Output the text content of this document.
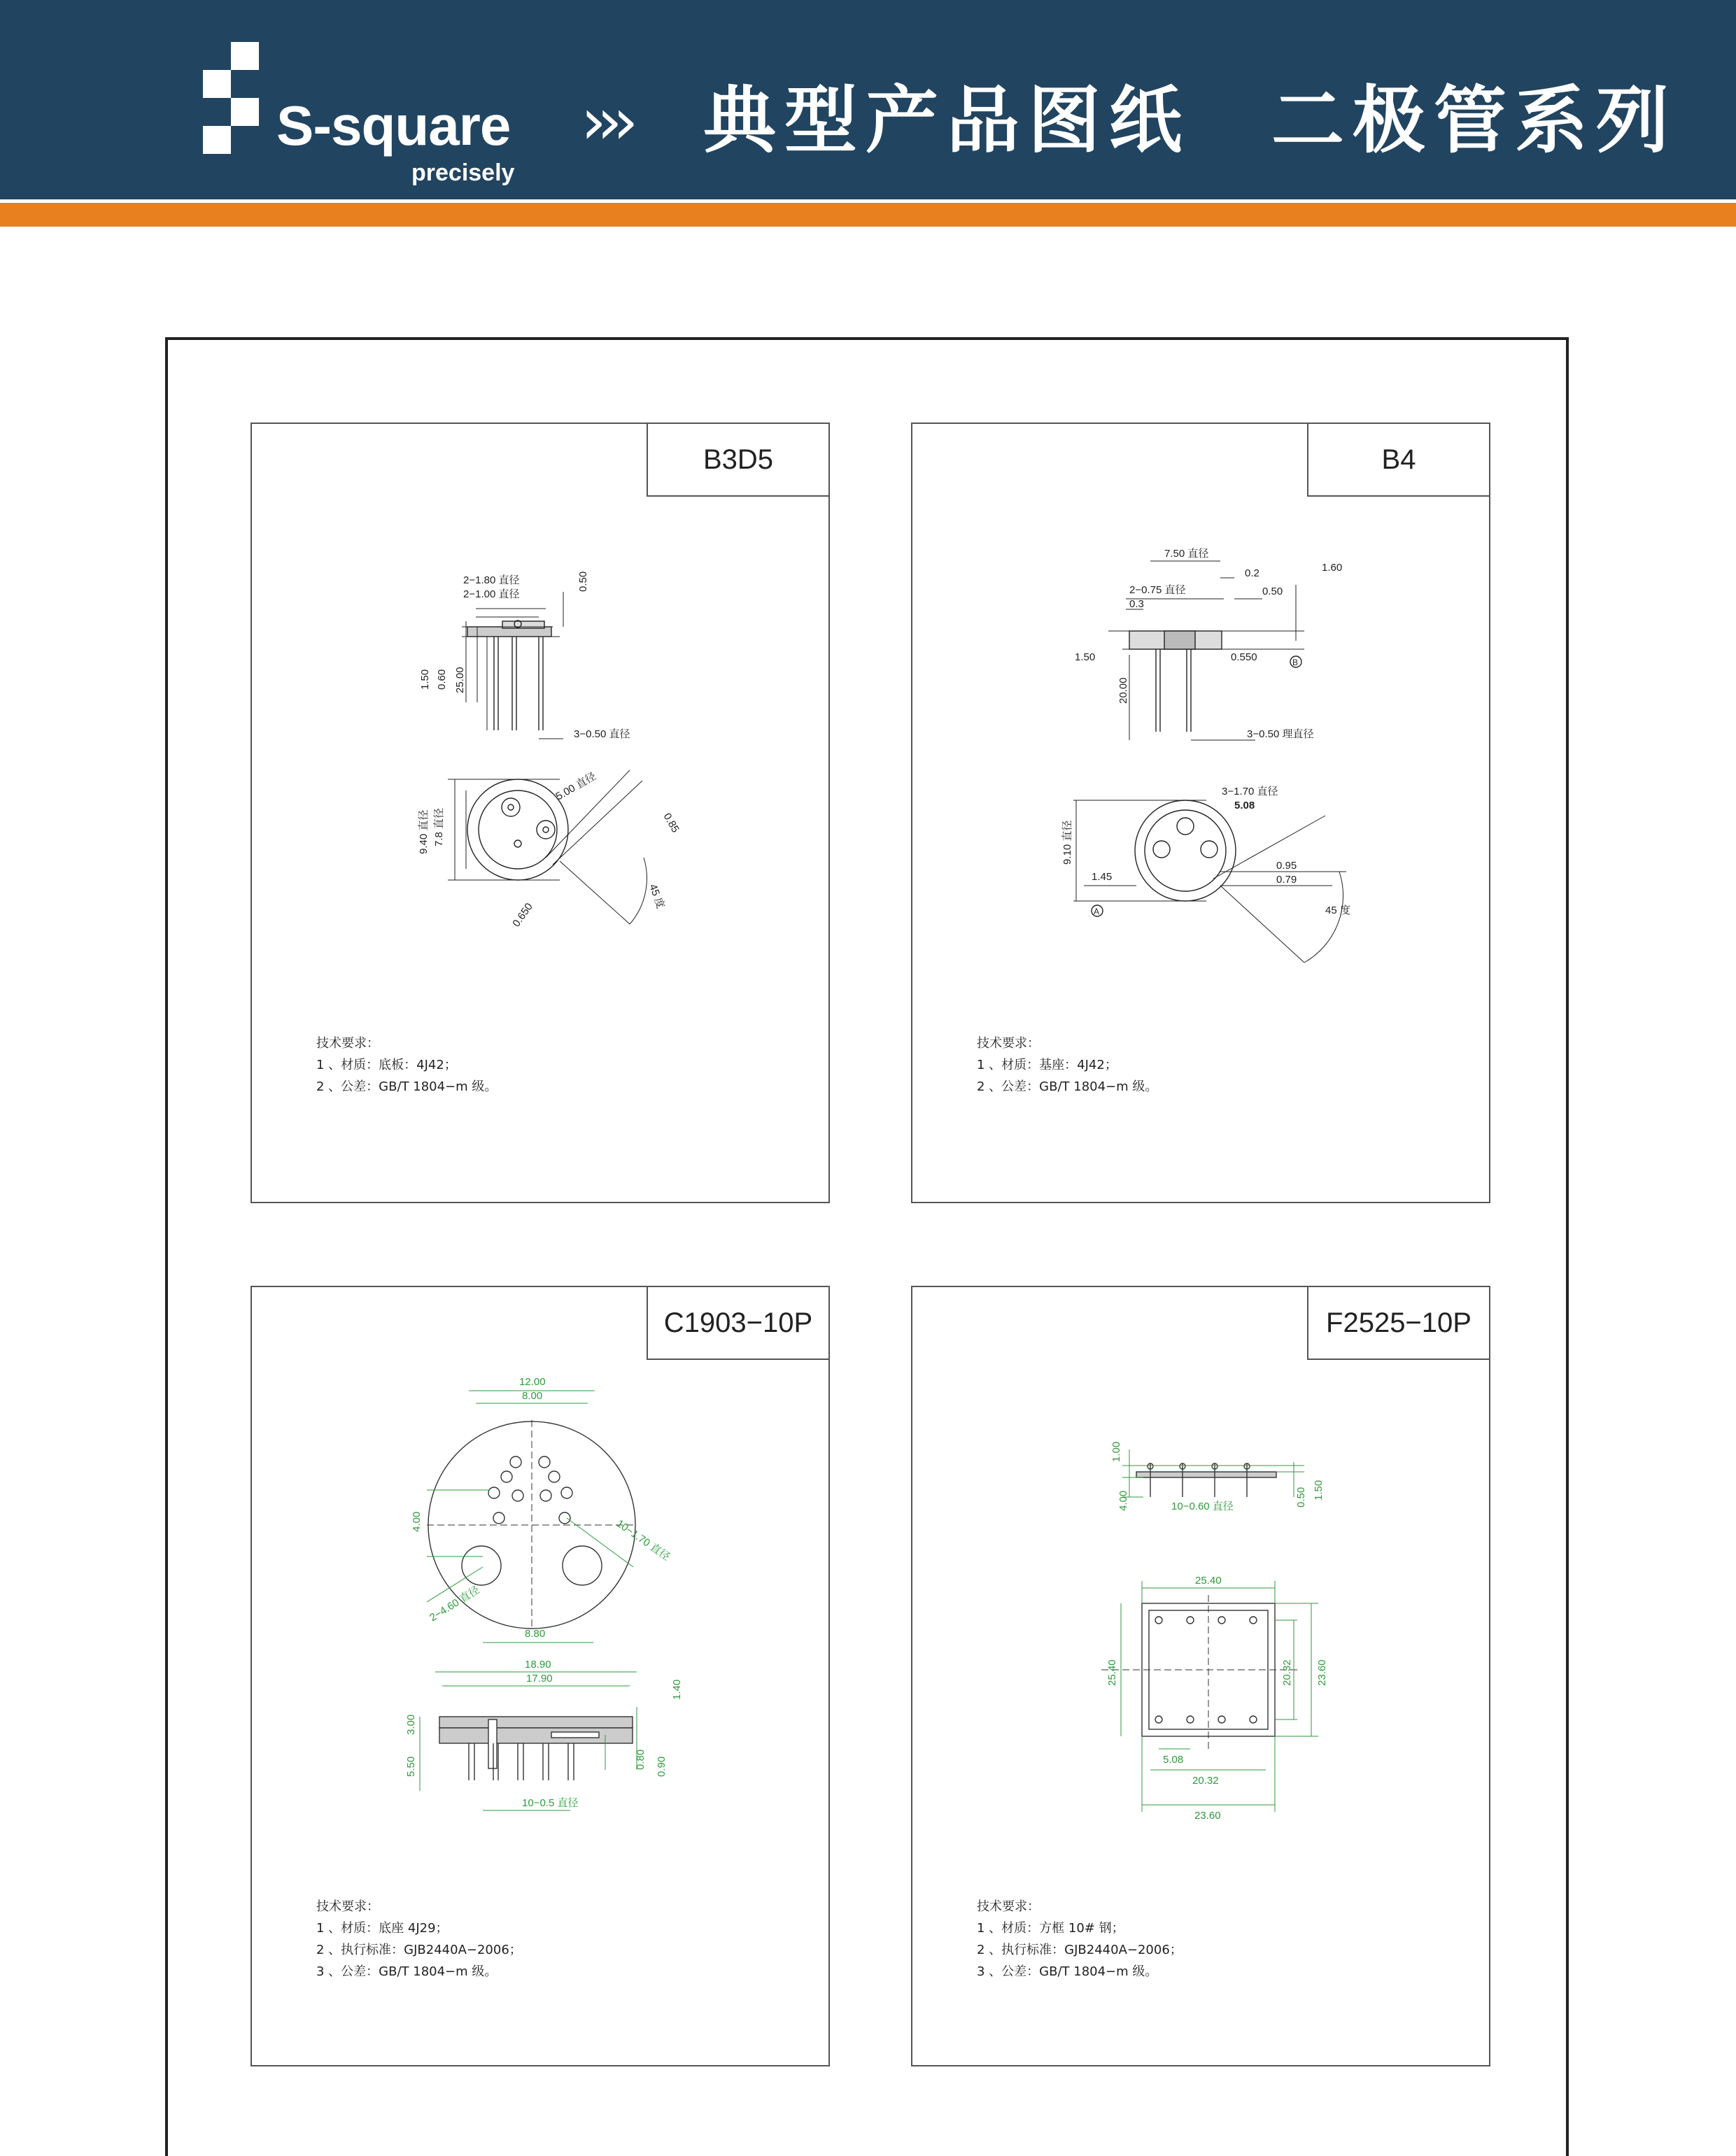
S-square
precisely
››› 典型产品图纸　二极管系列
B3D5
2−1.80 直径
2−1.00 直径
0.50
1.50 0.60 25.00
3−0.50 直径
9.40 直径 7.8 直径
5.00 直径
0.85
0.650
45 度
技术要求：
1 、材质：底板：4J42；
2 、公差：GB/T 1804−m 级。
B4
7.50 直径
0.2	1.60
2−0.75 直径	0.50
0.3
1.50	0.550	B
20.00
3−0.50 理直径
3−1.70 直径
5.08
9.10 直径
1.45
0.95
0.79
A	45 度
技术要求：
1 、材质：基座：4J42；
2 、公差：GB/T 1804−m 级。
C1903−10P
12.00
8.00
4.00	10−1.70 直径
2−4.60 直径
8.80
18.90
17.90
1.40
3.00
5.50	0.80 0.90
10−0.5 直径
技术要求：
1 、材质：底座 4J29；
2 、执行标准：GJB2440A−2006；
3 、公差：GB/T 1804−m 级。
F2525−10P
1.00
4.00	10−0.60 直径	0.50 1.50
25.40
25.40	20.32 23.60
5.08
20.32
23.60
技术要求：
1 、材质：方框 10# 钢；
2 、执行标准：GJB2440A−2006；
3 、公差：GB/T 1804−m 级。
